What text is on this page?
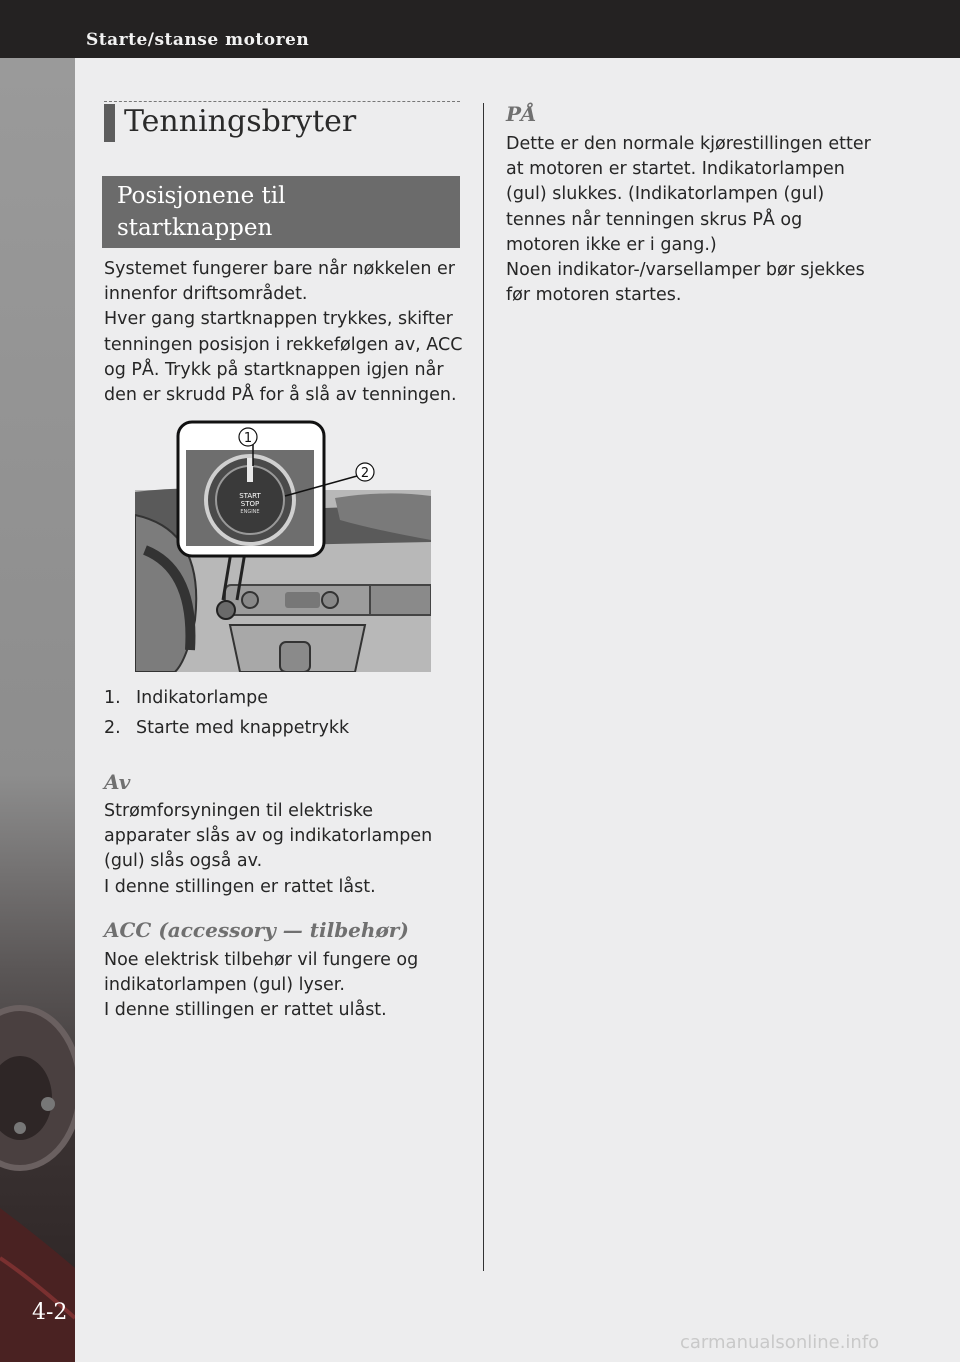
Starte/stanse motoren
4-2
Tenningsbryter
Posisjonene til startknappen

Systemet fungerer bare når nøkkelen er innenfor driftsområdet.

Hver gang startknappen trykkes, skifter tenningen posisjon i rekkefølgen av, ACC og PÅ. Trykk på startknappen igjen når den er skrudd PÅ for å slå av tenningen.

START
STOP
ENGINE
1
2
1. Indikatorlampe
2. Starte med knappetrykk
Av

Strømforsyningen til elektriske apparater slås av og indikatorlampen (gul) slås også av.

I denne stillingen er rattet låst.

ACC (accessory — tilbehør)

Noe elektrisk tilbehør vil fungere og indikatorlampen (gul) lyser.

I denne stillingen er rattet ulåst.

PÅ

Dette er den normale kjørestillingen etter at motoren er startet. Indikatorlampen (gul) slukkes. (Indikatorlampen (gul) tennes når tenningen skrus PÅ og motoren ikke er i gang.)

Noen indikator-/varsellamper bør sjekkes før motoren startes.

carmanualsonline.info
